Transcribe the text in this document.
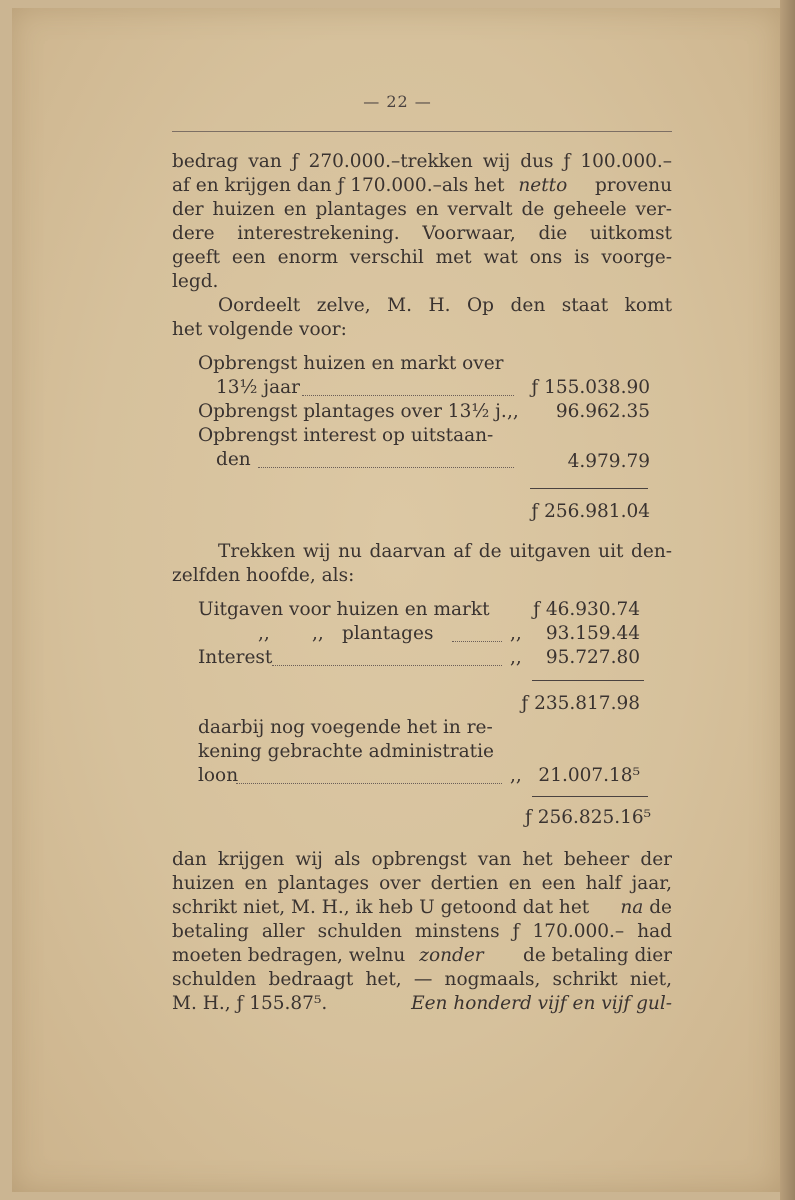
— 22 —
bedrag van ƒ 270.000.–trekken wij dus ƒ 100.000.–
af en krijgen dan ƒ 170.000.–als het netto provenu
der huizen en plantages en vervalt de geheele ver-
dere interestrekening. Voorwaar, die uitkomst
geeft een enorm verschil met wat ons is voorge-
legd.
Oordeelt zelve, M. H. Op den staat komt
het volgende voor:
Opbrengst huizen en markt over
13½ jaar	ƒ 155.038.90
Opbrengst plantages over 13½ j. ,,	96.962.35
Opbrengst interest op uitstaan-
den	4.979.79
ƒ 256.981.04
Trekken wij nu daarvan af de uitgaven uit den-
zelfden hoofde, als:
Uitgaven voor huizen en markt	ƒ 46.930.74
,, ,, plantages	,,	93.159.44
Interest	,,	95.727.80
ƒ 235.817.98
daarbij nog voegende het in re-
kening gebrachte administratie
loon	,, 21.007.18⁵
ƒ 256.825.16⁵
dan krijgen wij als opbrengst van het beheer der
huizen en plantages over dertien en een half jaar,
schrikt niet, M. H., ik heb U getoond dat het na de
betaling aller schulden minstens ƒ 170.000.– had
moeten bedragen, welnu zonder de betaling dier
schulden bedraagt het, — nogmaals, schrikt niet,
M. H., ƒ 155.87⁵.	Een honderd vijf en vijf gul-
